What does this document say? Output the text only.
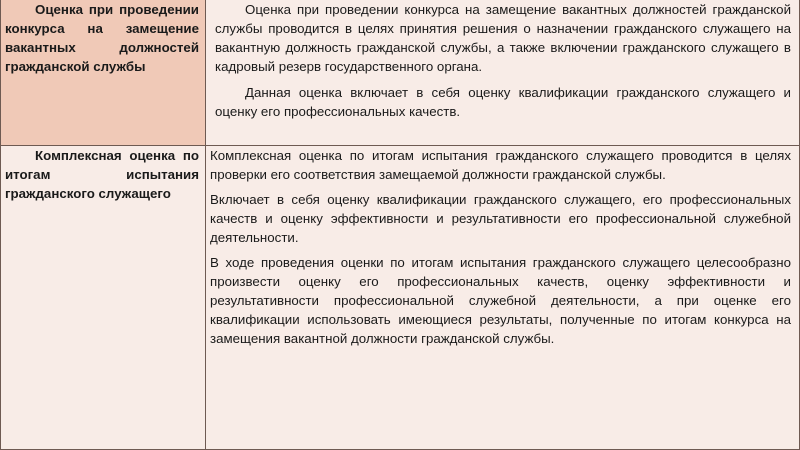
Оценка при проведении конкурса на замещение вакантных должностей гражданской службы

Оценка при проведении конкурса на замещение вакантных должностей гражданской службы проводится в целях принятия решения о назначении гражданского служащего на вакантную должность гражданской службы, а также включении гражданского служащего в кадровый резерв государственного органа.

Данная оценка включает в себя оценку квалификации гражданского служащего и оценку его профессиональных качеств.

Комплексная оценка по итогам испытания гражданского служащего

Комплексная оценка по итогам испытания гражданского служащего проводится в целях проверки его соответствия замещаемой должности гражданской службы.

Включает в себя оценку квалификации гражданского служащего, его профессиональных качеств и оценку эффективности и результативности его профессиональной служебной деятельности.

В ходе проведения оценки по итогам испытания гражданского служащего целесообразно произвести оценку его профессиональных качеств, оценку эффективности и результативности профессиональной служебной деятельности, а при оценке его квалификации использовать имеющиеся результаты, полученные по итогам конкурса на замещения вакантной должности гражданской службы.
